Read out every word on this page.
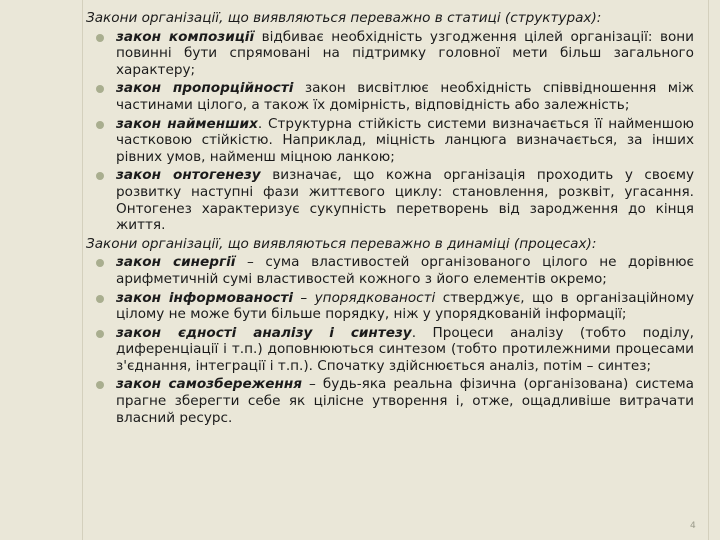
Закони організації, що виявляються переважно в статиці (структурах):

закон композиції відбиває необхідність узгодження цілей організації: вони повинні бути спрямовані на підтримку головної мети більш загального характеру;
закон пропорційності закон висвітлює необхідність співвідношення між частинами цілого, а також їх домірність, відповідність або залежність;
закон найменших. Структурна стійкість системи визначається її найменшою частковою стійкістю. Наприклад, міцність ланцюга визначається, за інших рівних умов, найменш міцною ланкою;
закон онтогенезу визначає, що кожна організація проходить у своєму розвитку наступні фази життєвого циклу: становлення, розквіт, угасання. Онтогенез характеризує сукупність перетворень від зародження до кінця життя.

Закони організації, що виявляються переважно в динаміці (процесах):

закон синергії – сума властивостей організованого цілого не дорівнює арифметичній сумі властивостей кожного з його елементів окремо;
закон інформованості – упорядкованості стверджує, що в організаційному цілому не може бути більше порядку, ніж у упорядкованій інформації;
закон єдності аналізу і синтезу. Процеси аналізу (тобто поділу, диференціації і т.п.) доповнюються синтезом (тобто протилежними процесами з'єднання, інтеграції і т.п.). Спочатку здійснюється аналіз, потім – синтез;
закон самозбереження – будь-яка реальна фізична (організована) система прагне зберегти себе як цілісне утворення і, отже, ощадливіше витрачати власний ресурс.
4
